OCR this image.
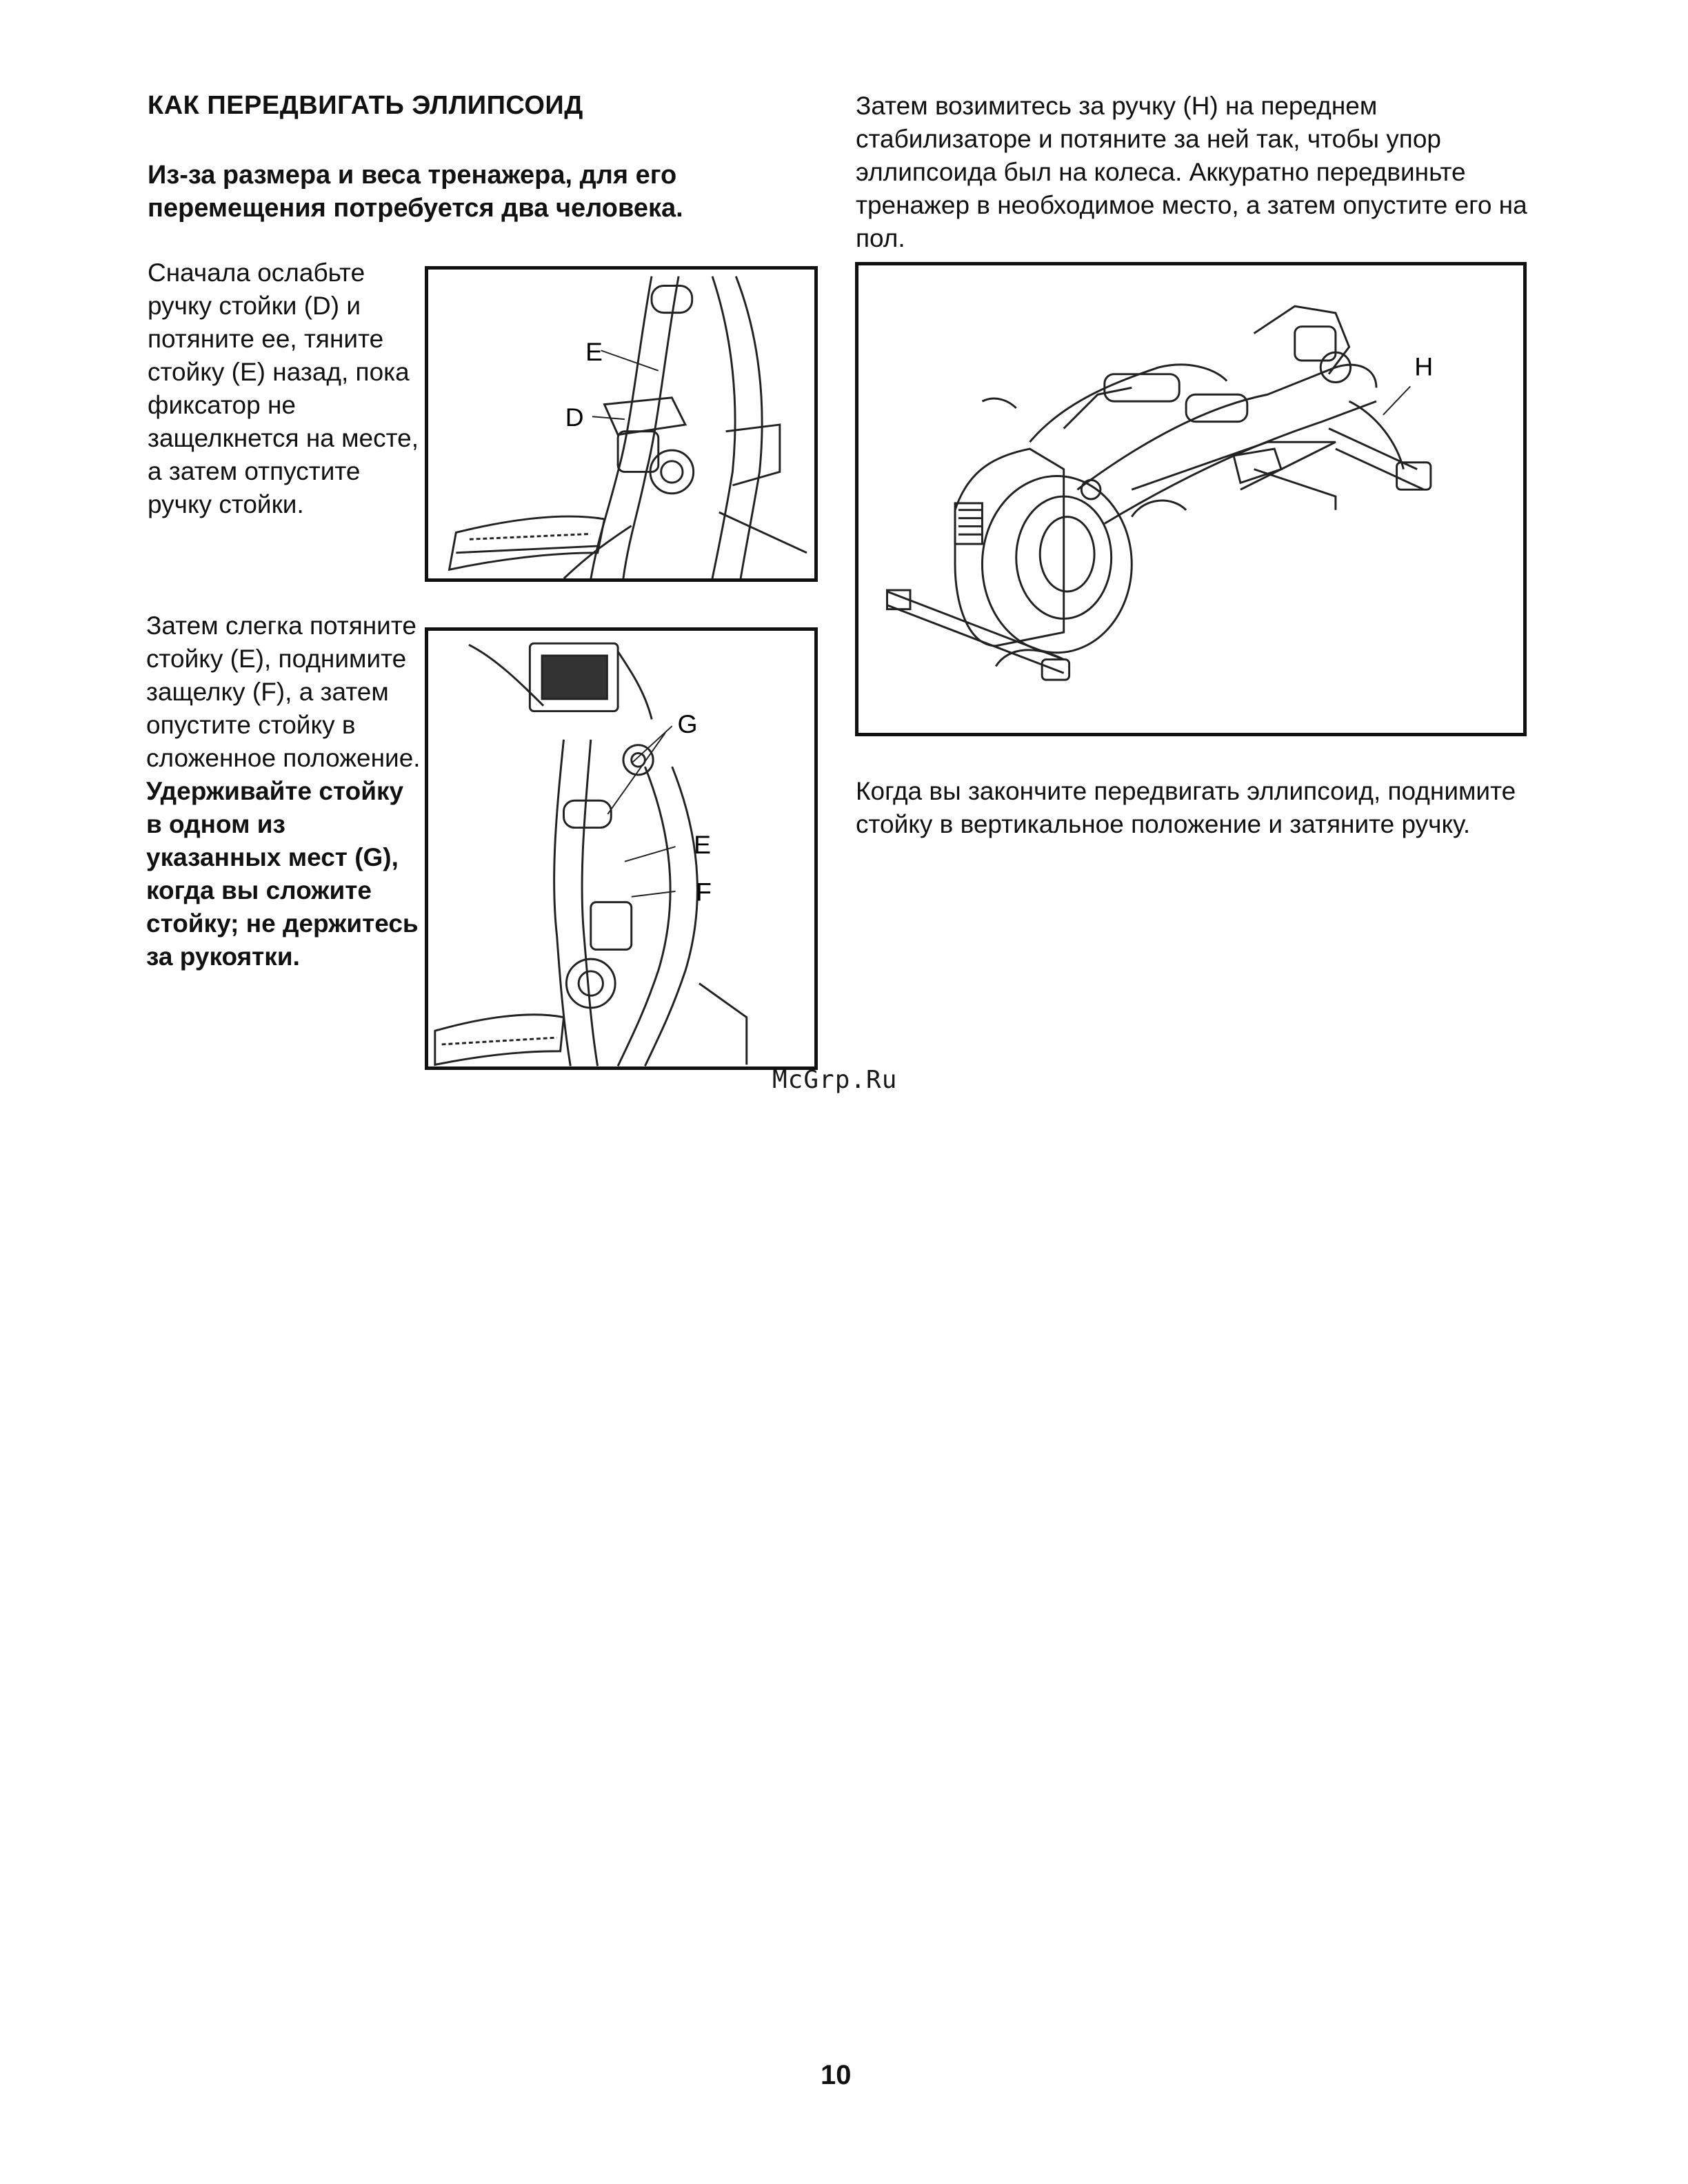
КАК ПЕРЕДВИГАТЬ ЭЛЛИПСОИД
Из-за размера и веса тренажера, для его перемещения потребуется два человека.
Сначала ослабьте ручку стойки (D) и потяните ее, тяните стойку (E) назад, пока фиксатор не защелкнется на месте, а затем отпустите ручку стойки.
Затем слегка потяните стойку (E), поднимите защелку (F), а затем опустите стойку в сложенное положение. Удерживайте стойку в одном из указанных мест (G), когда вы сложите стойку; не держитесь за рукоятки.
Затем возимитесь за ручку (H) на переднем стабилизаторе и потяните за ней так, чтобы упор эллипсоида был на колеса. Аккуратно передвиньте тренажер в необходимое место, а затем опустите его на пол.
Когда вы закончите передвигать эллипсоид, поднимите стойку в вертикальное положение и затяните ручку.
E
D
G
E
F
H
McGrp.Ru
10
